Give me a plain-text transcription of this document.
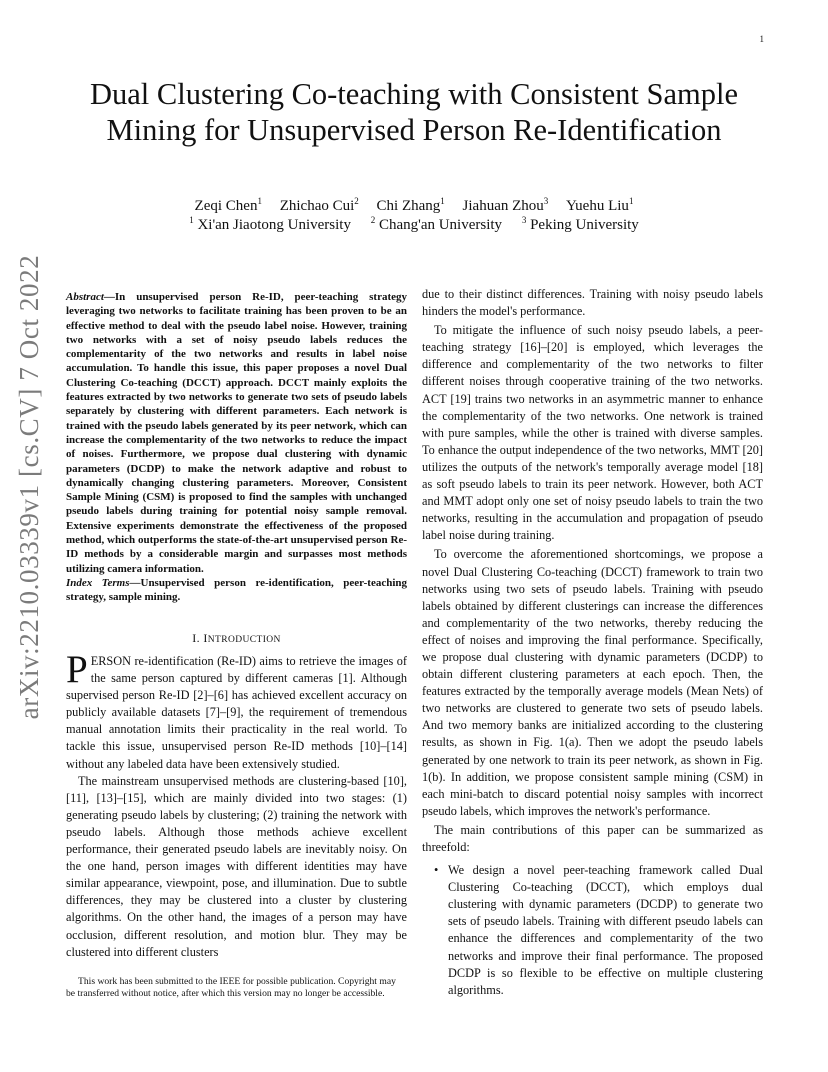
1
Dual Clustering Co-teaching with Consistent Sample Mining for Unsupervised Person Re-Identification
Zeqi Chen$^1$ Zhichao Cui$^2$ Chi Zhang$^1$ Jiahuan Zhou$^3$ Yuehu Liu$^1$
$^1$ Xi'an Jiaotong University $^2$ Chang'an University $^3$ Peking University
arXiv:2210.03339v1 [cs.CV] 7 Oct 2022	Abstract—In unsupervised person Re-ID, peer-teaching strategy leveraging two networks to facilitate training has been proven to be an effective method to deal with the pseudo label noise. However, training two networks with a set of noisy pseudo labels reduces the complementarity of the two networks and results in label noise accumulation. To handle this issue, this paper proposes a novel Dual Clustering Co-teaching (DCCT) approach. DCCT mainly exploits the features extracted by two networks to generate two sets of pseudo labels separately by clustering with different parameters. Each network is trained with the pseudo labels generated by its peer network, which can increase the complementarity of the two networks to reduce the impact of noises. Furthermore, we propose dual clustering with dynamic parameters (DCDP) to make the network adaptive and robust to dynamically changing clustering parameters. Moreover, Consistent Sample Mining (CSM) is proposed to find the samples with unchanged pseudo labels during training for potential noisy sample removal. Extensive experiments demonstrate the effectiveness of the proposed method, which outperforms the state-of-the-art unsupervised person Re-ID methods by a considerable margin and surpasses most methods utilizing camera information.
Index Terms—Unsupervised person re-identification, peer-teaching strategy, sample mining.
I. INTRODUCTION

PERSON re-identification (Re-ID) aims to retrieve the images of the same person captured by different cameras [1]. Although supervised person Re-ID [2]–[6] has achieved excellent accuracy on publicly available datasets [7]–[9], the requirement of tremendous manual annotation limits their practicality in the real world. To tackle this issue, unsupervised person Re-ID methods [10]–[14] without any labeled data have been extensively studied.

The mainstream unsupervised methods are clustering-based [10], [11], [13]–[15], which are mainly divided into two stages: (1) generating pseudo labels by clustering; (2) training the network with pseudo labels. Although those methods achieve excellent performance, their generated pseudo labels are inevitably noisy. On the one hand, person images with different identities may have similar appearance, viewpoint, pose, and illumination. Due to subtle differences, they may be clustered into a cluster by clustering algorithms. On the other hand, the images of a person may have occlusion, different resolution, and motion blur. They may be clustered into different clusters

This work has been submitted to the IEEE for possible publication. Copyright may be transferred without notice, after which this version may no longer be accessible.

due to their distinct differences. Training with noisy pseudo labels hinders the model's performance.

To mitigate the influence of such noisy pseudo labels, a peer-teaching strategy [16]–[20] is employed, which leverages the difference and complementarity of the two networks to filter different noises through cooperative training of the two networks. ACT [19] trains two networks in an asymmetric manner to enhance the complementarity of the two networks. One network is trained with pure samples, while the other is trained with diverse samples. To enhance the output independence of the two networks, MMT [20] utilizes the outputs of the network's temporally average model [18] as soft pseudo labels to train its peer network. However, both ACT and MMT adopt only one set of noisy pseudo labels to train the two networks, resulting in the accumulation and propagation of pseudo label noise during training.

To overcome the aforementioned shortcomings, we propose a novel Dual Clustering Co-teaching (DCCT) framework to train two networks using two sets of pseudo labels. Training with pseudo labels obtained by different clusterings can increase the differences and complementarity of the two networks, thereby reducing the effect of noises and improving the final performance. Specifically, we propose dual clustering with dynamic parameters (DCDP) to obtain different clustering parameters at each epoch. Then, the features extracted by the temporally average models (Mean Nets) of two networks are clustered to generate two sets of pseudo labels. And two memory banks are initialized according to the clustering results, as shown in Fig. 1(a). Then we adopt the pseudo labels generated by one network to train its peer network, as shown in Fig. 1(b). In addition, we propose consistent sample mining (CSM) in each mini-batch to discard potential noisy samples with incorrect pseudo labels, which improves the network's performance.

The main contributions of this paper can be summarized as threefold:

• We design a novel peer-teaching framework called Dual Clustering Co-teaching (DCCT), which employs dual clustering with dynamic parameters (DCDP) to generate two sets of pseudo labels. Training with different pseudo labels can enhance the differences and complementarity of the two networks and improve their final performance. The proposed DCDP is so flexible to be effective on multiple clustering algorithms.
